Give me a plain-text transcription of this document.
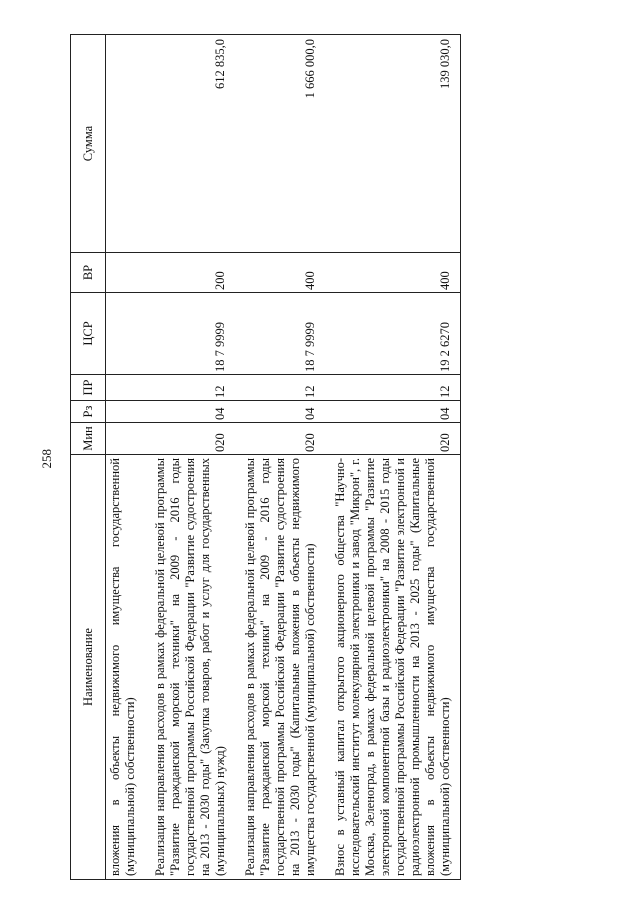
258
Наименование	Мин	Рз	ПР	ЦСР	ВР	Сумма
вложения в объекты недвижимого имущества государственной (муниципальной) собственности)						

Реализация направления расходов в рамках федеральной целевой программы "Развитие гражданской морской техники" на 2009 - 2016 годы государственной программы Российской Федерации "Развитие судостроения на 2013 - 2030 годы" (Закупка товаров, работ и услуг для государственных (муниципальных) нужд)	020	04	12	18 7 9999	200	612 835,0

Реализация направления расходов в рамках федеральной целевой программы "Развитие гражданской морской техники" на 2009 - 2016 годы государственной программы Российской Федерации "Развитие судостроения на 2013 - 2030 годы" (Капитальные вложения в объекты недвижимого имущества государственной (муниципальной) собственности)	020	04	12	18 7 9999	400	1 666 000,0

Взнос в уставный капитал открытого акционерного общества "Научно-исследовательский институт молекулярной электроники и завод "Микрон", г. Москва, Зеленоград, в рамках федеральной целевой программы "Развитие электронной компонентной базы и радиоэлектроники" на 2008 - 2015 годы государственной программы Российской Федерации "Развитие электронной и радиоэлектронной промышленности на 2013 - 2025 годы" (Капитальные вложения в объекты недвижимого имущества государственной (муниципальной) собственности)	020	04	12	19 2 6270	400	139 030,0
